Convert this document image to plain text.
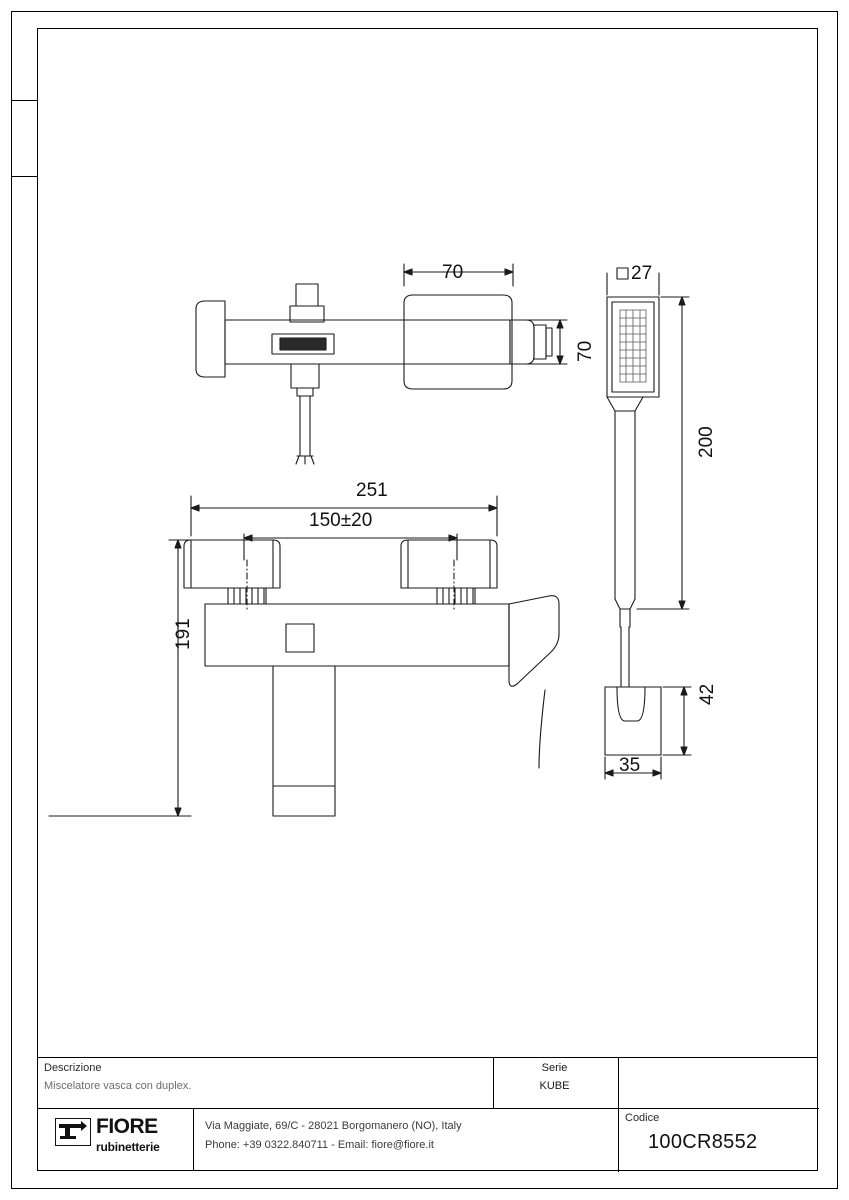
70
70
27
200
251
150±20
191
42
35
Descrizione
Miscelatore vasca con duplex.
Serie
KUBE
Codice
100CR8552
Via Maggiate, 69/C - 28021 Borgomanero (NO), Italy
Phone: +39 0322.840711 - Email: fiore@fiore.it
FIORE
rubinetterie
